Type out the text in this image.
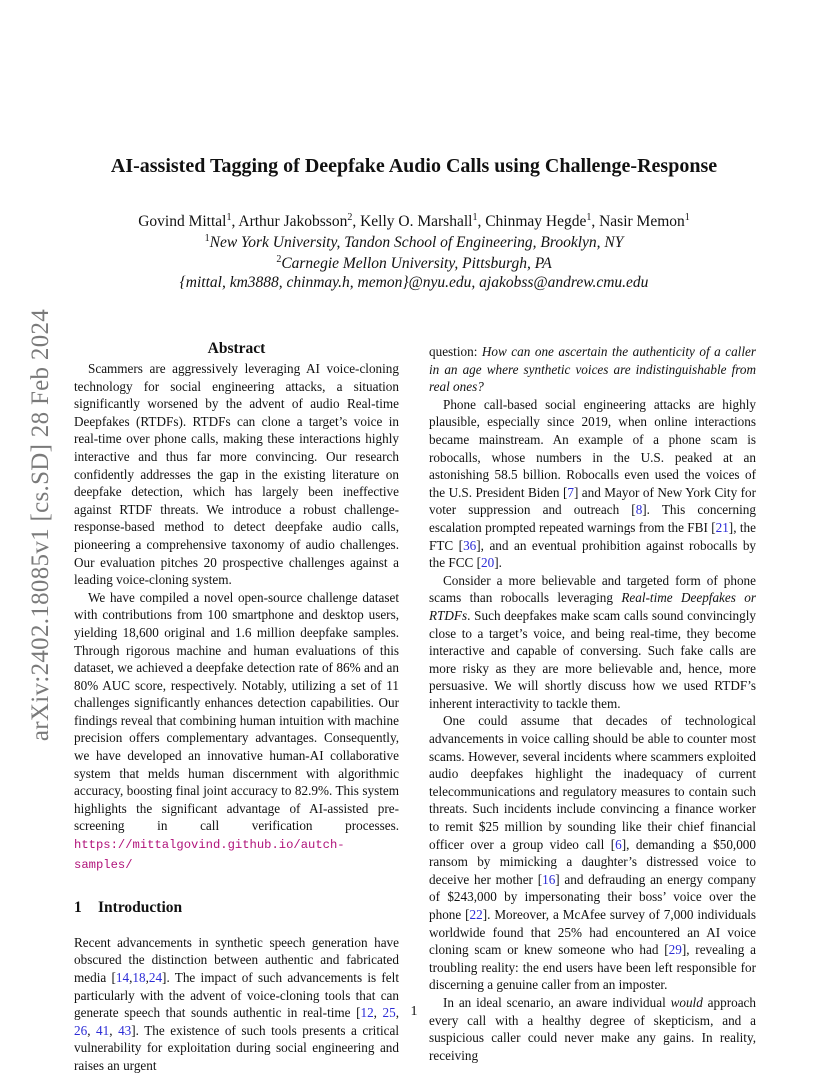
arXiv:2402.18085v1 [cs.SD] 28 Feb 2024
AI-assisted Tagging of Deepfake Audio Calls using Challenge-Response
Govind Mittal$^1$, Arthur Jakobsson$^2$, Kelly O. Marshall$^1$, Chinmay Hegde$^1$, Nasir Memon$^1$
$^1$New York University, Tandon School of Engineering, Brooklyn, NY
$^2$Carnegie Mellon University, Pittsburgh, PA
{mittal, km3888, chinmay.h, memon}@nyu.edu, ajakobss@andrew.cmu.edu
Abstract

Scammers are aggressively leveraging AI voice-cloning technology for social engineering attacks, a situation significantly worsened by the advent of audio Real-time Deepfakes (RTDFs). RTDFs can clone a target’s voice in real-time over phone calls, making these interactions highly interactive and thus far more convincing. Our research confidently addresses the gap in the existing literature on deepfake detection, which has largely been ineffective against RTDF threats. We introduce a robust challenge-response-based method to detect deepfake audio calls, pioneering a comprehensive taxonomy of audio challenges. Our evaluation pitches 20 prospective challenges against a leading voice-cloning system.

We have compiled a novel open-source challenge dataset with contributions from 100 smartphone and desktop users, yielding 18,600 original and 1.6 million deepfake samples. Through rigorous machine and human evaluations of this dataset, we achieved a deepfake detection rate of 86% and an 80% AUC score, respectively. Notably, utilizing a set of 11 challenges significantly enhances detection capabilities. Our findings reveal that combining human intuition with machine precision offers complementary advantages. Consequently, we have developed an innovative human-AI collaborative system that melds human discernment with algorithmic accuracy, boosting final joint accuracy to 82.9%. This system highlights the significant advantage of AI-assisted pre-screening in call verification processes. https://mittalgovind.github.io/autch-samples/

1 Introduction

Recent advancements in synthetic speech generation have obscured the distinction between authentic and fabricated media [14,18,24]. The impact of such advancements is felt particularly with the advent of voice-cloning tools that can generate speech that sounds authentic in real-time [12, 25, 26, 41, 43]. The existence of such tools presents a critical vulnerability for exploitation during social engineering and raises an urgent

question: How can one ascertain the authenticity of a caller in an age where synthetic voices are indistinguishable from real ones?

Phone call-based social engineering attacks are highly plausible, especially since 2019, when online interactions became mainstream. An example of a phone scam is robocalls, whose numbers in the U.S. peaked at an astonishing 58.5 billion. Robocalls even used the voices of the U.S. President Biden [7] and Mayor of New York City for voter suppression and outreach [8]. This concerning escalation prompted repeated warnings from the FBI [21], the FTC [36], and an eventual prohibition against robocalls by the FCC [20].

Consider a more believable and targeted form of phone scams than robocalls leveraging Real-time Deepfakes or RTDFs. Such deepfakes make scam calls sound convincingly close to a target’s voice, and being real-time, they become interactive and capable of conversing. Such fake calls are more risky as they are more believable and, hence, more persuasive. We will shortly discuss how we used RTDF’s inherent interactivity to tackle them.

One could assume that decades of technological advancements in voice calling should be able to counter most scams. However, several incidents where scammers exploited audio deepfakes highlight the inadequacy of current telecommunications and regulatory measures to contain such threats. Such incidents include convincing a finance worker to remit $25 million by sounding like their chief financial officer over a group video call [6], demanding a $50,000 ransom by mimicking a daughter’s distressed voice to deceive her mother [16] and defrauding an energy company of $243,000 by impersonating their boss’ voice over the phone [22]. Moreover, a McAfee survey of 7,000 individuals worldwide found that 25% had encountered an AI voice cloning scam or knew someone who had [29], revealing a troubling reality: the end users have been left responsible for discerning a genuine caller from an imposter.

In an ideal scenario, an aware individual would approach every call with a healthy degree of skepticism, and a suspicious caller could never make any gains. In reality, receiving

1
